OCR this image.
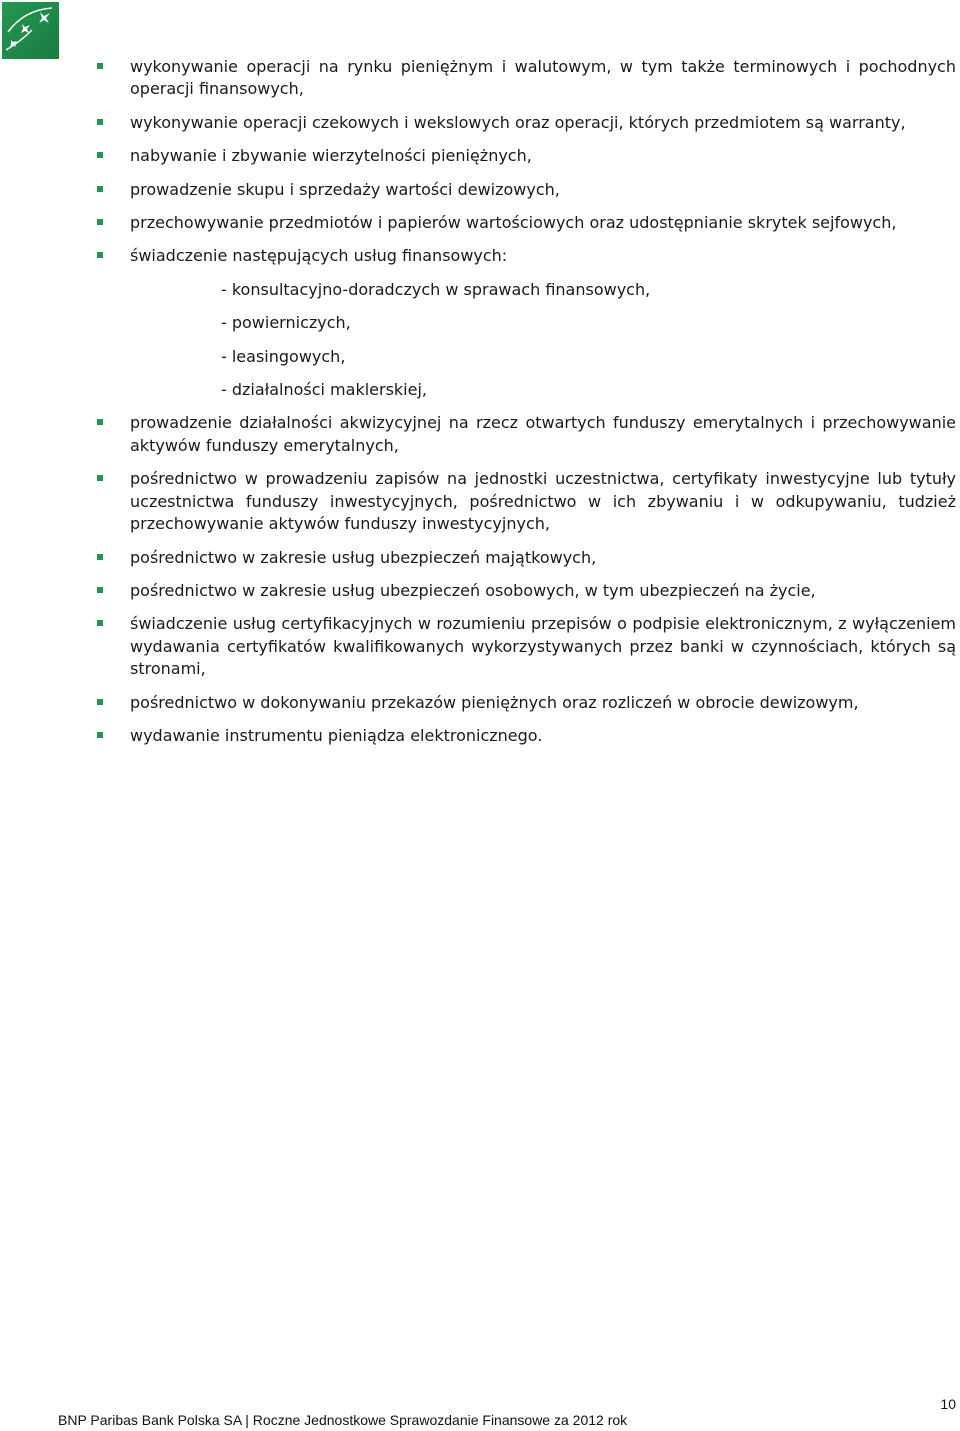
wykonywanie operacji na rynku pieniężnym i walutowym, w tym także terminowych i pochodnych operacji finansowych,
wykonywanie operacji czekowych i wekslowych oraz operacji, których przedmiotem są warranty,
nabywanie i zbywanie wierzytelności pieniężnych,
prowadzenie skupu i sprzedaży wartości dewizowych,
przechowywanie przedmiotów i papierów wartościowych oraz udostępnianie skrytek sejfowych,
świadczenie następujących usług finansowych:
- konsultacyjno-doradczych w sprawach finansowych,
- powierniczych,
- leasingowych,
- działalności maklerskiej,
prowadzenie działalności akwizycyjnej na rzecz otwartych funduszy emerytalnych i przechowywanie aktywów funduszy emerytalnych,
pośrednictwo w prowadzeniu zapisów na jednostki uczestnictwa, certyfikaty inwestycyjne lub tytuły uczestnictwa funduszy inwestycyjnych, pośrednictwo w ich zbywaniu i w odkupywaniu, tudzież przechowywanie aktywów funduszy inwestycyjnych,
pośrednictwo w zakresie usług ubezpieczeń majątkowych,
pośrednictwo w zakresie usług ubezpieczeń osobowych, w tym ubezpieczeń na życie,
świadczenie usług certyfikacyjnych w rozumieniu przepisów o podpisie elektronicznym, z wyłączeniem wydawania certyfikatów kwalifikowanych wykorzystywanych przez banki w czynnościach, których są stronami,
pośrednictwo w dokonywaniu przekazów pieniężnych oraz rozliczeń w obrocie dewizowym,
wydawanie instrumentu pieniądza elektronicznego.
10
BNP Paribas Bank Polska SA | Roczne Jednostkowe Sprawozdanie Finansowe za 2012 rok
